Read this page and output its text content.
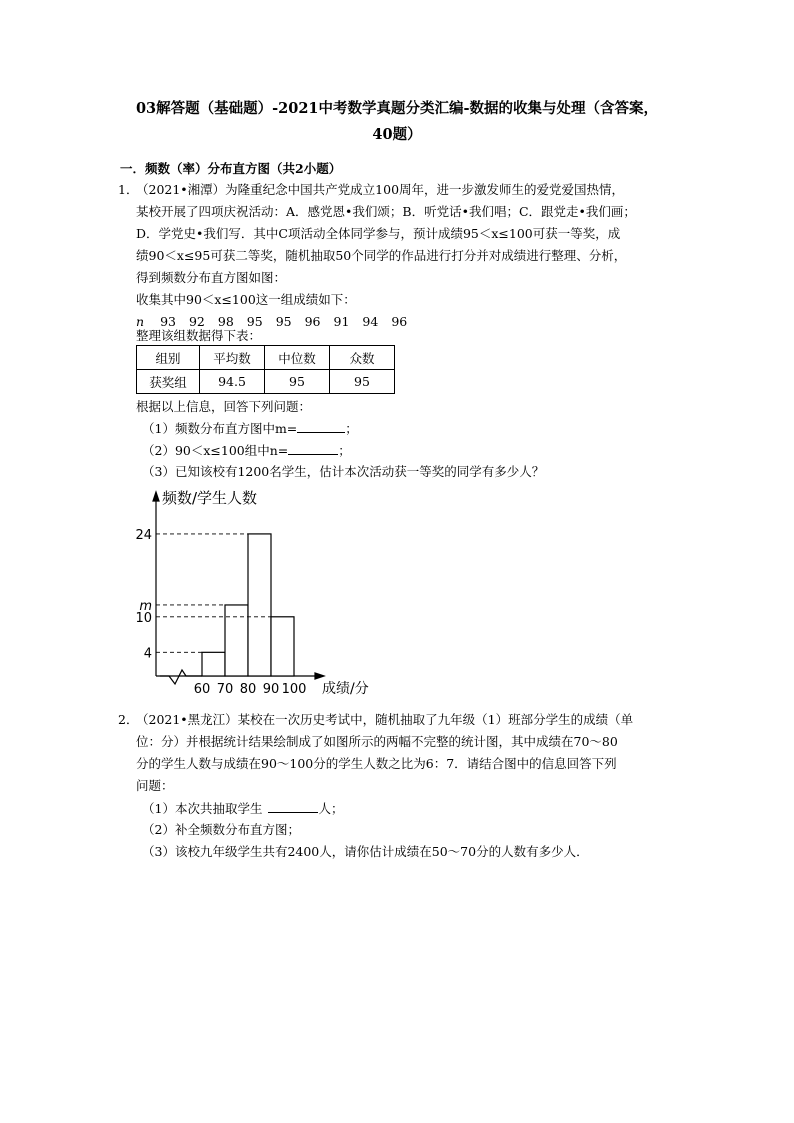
03解答题（基础题）-2021中考数学真题分类汇编-数据的收集与处理（含答案，
40题）
一．频数（率）分布直方图（共2小题）
1．
（2021•湘潭）为隆重纪念中国共产党成立100周年，进一步激发师生的爱党爱国热情，
某校开展了四项庆祝活动：A．感党恩•我们颂；B．听党话•我们唱；C．跟党走•我们画；
D．学党史•我们写．其中C项活动全体同学参与，预计成绩95＜x≤100可获一等奖，成
绩90＜x≤95可获二等奖，随机抽取50个同学的作品进行打分并对成绩进行整理、分析，
得到频数分布直方图如图：
收集其中90＜x≤100这一组成绩如下：
n 93 92 98 95 95 96 91 94 96
整理该组数据得下表：
组别	平均数	中位数	众数
获奖组	94.5	95	95
根据以上信息，回答下列问题：
（1）频数分布直方图中m=	；
（2）90＜x≤100组中n=	；
（3）已知该校有1200名学生，估计本次活动获一等奖的同学有多少人？
频数/学生人数
成绩/分
4
10
m
24
60 70 80 90 100
2．
（2021•黑龙江）某校在一次历史考试中，随机抽取了九年级（1）班部分学生的成绩（单
位：分）并根据统计结果绘制成了如图所示的两幅不完整的统计图，其中成绩在70～80
分的学生人数与成绩在90～100分的学生人数之比为6：7．请结合图中的信息回答下列
问题：
（1）本次共抽取学生	人；
（2）补全频数分布直方图；
（3）该校九年级学生共有2400人，请你估计成绩在50～70分的人数有多少人．
